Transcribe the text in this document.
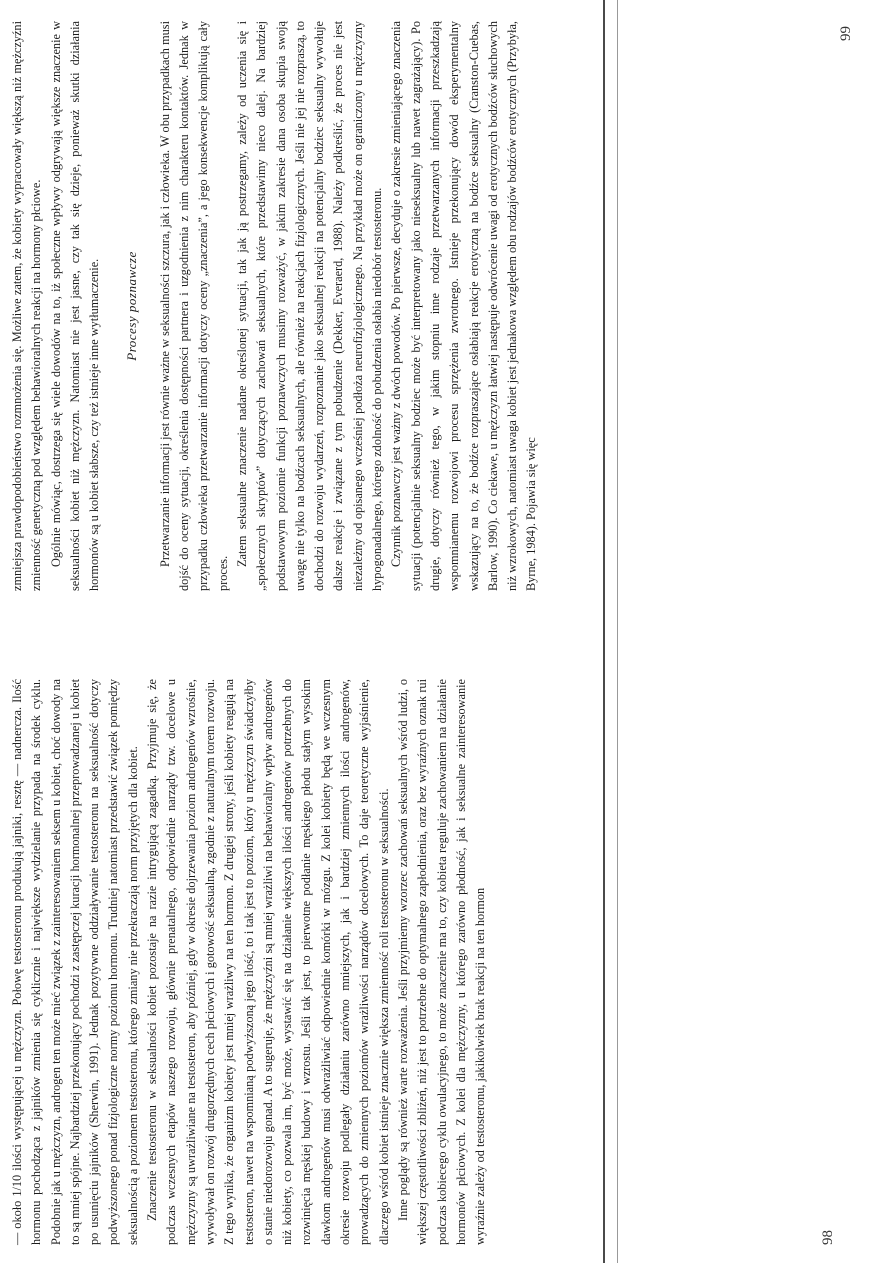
— około 1/10 ilości występującej u mężczyzn. Połowę testosteronu produkują jajniki, resztę — nadnercza. Ilość hormonu pochodząca z jajników zmienia się cyklicznie i największe wydzielanie przypada na środek cyklu. Podobnie jak u mężczyzn, androgen ten może mieć związek z zainteresowaniem seksem u kobiet, choć dowody na to są mniej spójne. Najbardziej przekonujący pochodzi z zastępczej kuracji hormonalnej przeprowadzanej u kobiet po usunięciu jajników (Sherwin, 1991). Jednak pozytywne oddziaływanie testosteronu na seksualność dotyczy podwyższonego ponad fizjologiczne normy poziomu hormonu. Trudniej natomiast przedstawić związek pomiędzy seksualnością a poziomem testosteronu, którego zmiany nie przekraczają norm przyjętych dla kobiet. Znaczenie testosteronu w seksualności kobiet pozostaje na razie intrygującą zagadką. Przyjmuje się, że podczas wczesnych etapów naszego rozwoju, głównie prenatalnego, odpowiednie narządy tzw. docelowe u mężczyzny są uwrażliwiane na testosteron, aby później, gdy w okresie dojrzewania poziom androgenów wzrośnie, wywoływał on rozwój drugorzędnych cech płciowych i gotowość seksualną, zgodnie z naturalnym torem rozwoju. Z tego wynika, że organizm kobiety jest mniej wrażliwy na ten hormon. Z drugiej strony, jeśli kobiety reagują na testosteron, nawet na wspomnianą podwyższoną jego ilość, to i tak jest to poziom, który u mężczyzn świadczyłby o stanie niedorozwoju gonad. A to sugeruje, że mężczyźni są mniej wrażliwi na behawioralny wpływ androgenów niż kobiety, co pozwala im, być może, wystawić się na działanie większych ilości androgenów potrzebnych do rozwinięcia męskiej budowy i wzrostu. Jeśli tak jest, to pierwotne podłanie męskiego płodu stałym wysokim dawkom androgenów musi odwrażliwiać odpowiednie komórki w mózgu. Z kolei kobiety będą we wczesnym okresie rozwoju podlegały działaniu zarówno mniejszych, jak i bardziej zmiennych ilości androgenów, prowadzących do zmiennych poziomów wrażliwości narządów docelowych. To daje teoretyczne wyjaśnienie, dlaczego wśród kobiet istnieje znacznie większa zmienność roli testosteronu w seksualności. Inne poglądy są również warte rozważenia. Jeśli przyjmiemy wzorzec zachowań seksualnych wśród ludzi, o większej częstotliwości zbliżeń, niż jest to potrzebne do optymalnego zapłodnienia, oraz bez wyraźnych oznak rui podczas kobiecego cyklu owulacyjnego, to może znaczenie ma to, czy kobieta reguluje zachowaniem na działanie hormonów płciowych. Z kolei dla mężczyzny, u którego zarówno płodność, jak i seksualne zainteresowanie wyraźnie zależy od testosteronu, jakikolwiek brak reakcji na ten hormon	98

zmniejsza prawdopodobieństwo rozmnożenia się. Możliwe zatem, że kobiety wypracowały większą niż mężczyźni zmienność genetyczną pod względem behawioralnych reakcji na hormony płciowe. Ogólnie mówiąc, dostrzega się wiele dowodów na to, iż społeczne wpływy odgrywają większe znaczenie w seksualności kobiet niż mężczyzn. Natomiast nie jest jasne, czy tak się dzieje, ponieważ skutki działania hormonów są u kobiet słabsze, czy też istnieje inne wytłumaczenie. Procesy poznawcze Przetwarzanie informacji jest równie ważne w seksualności szczura, jak i człowieka. W obu przypadkach musi dojść do oceny sytuacji, określenia dostępności partnera i uzgodnienia z nim charakteru kontaktów. Jednak w przypadku człowieka przetwarzanie informacji dotyczy oceny „znaczenia”, a jego konsekwencje komplikują cały proces.

Zatem seksualne znaczenie nadane określonej sytuacji, tak jak ją postrzegamy, zależy od uczenia się i „społecznych skryptów” dotyczących zachowań seksualnych, które przedstawimy nieco dalej. Na bardziej podstawowym poziomie funkcji poznawczych musimy rozważyć, w jakim zakresie dana osoba skupia swoją uwagę nie tylko na bodźcach seksualnych, ale również na reakcjach fizjologicznych. Jeśli nie jej nie rozpraszą, to dochodzi do rozwoju wydarzeń, rozpoznanie jako seksualnej reakcji na potencjalny bodziec seksualny wywołuje dalsze reakcje i związane z tym pobudzenie (Dekker, Everaerd, 1988). Należy podkreślić, że proces nie jest niezależny od opisanego wcześniej podłoża neurofizjologicznego. Na przykład może on ograniczony u mężczyzny hypogonadalnego, którego zdolność do pobudzenia osłabia niedobór testosteronu. Czynnik poznawczy jest ważny z dwóch powodów. Po pierwsze, decyduje o zakresie zmieniającego znaczenia sytuacji (potencjalnie seksualny bodziec może być interpretowany jako nieseksualny lub nawet zagrażający). Po drugie, dotyczy również tego, w jakim stopniu inne rodzaje przetwarzanych informacji przeszkadzają wspomnianemu rozwojowi procesu sprzężenia zwrotnego. Istnieje przekonujący dowód eksperymentalny wskazujący na to, że bodźce rozpraszające osłabiają reakcje erotyczną na bodźce seksualny (Cranston-Cuebas, Barlow, 1990). Co ciekawe, u mężczyzn łatwiej następuje odwrócenie uwagi od erotycznych bodźców słuchowych niż wzrokowych, natomiast uwaga kobiet jest jednakowa względem obu rodzajów bodźców erotycznych (Przybyła, Byrne, 1984). Pojawia się więc

99
